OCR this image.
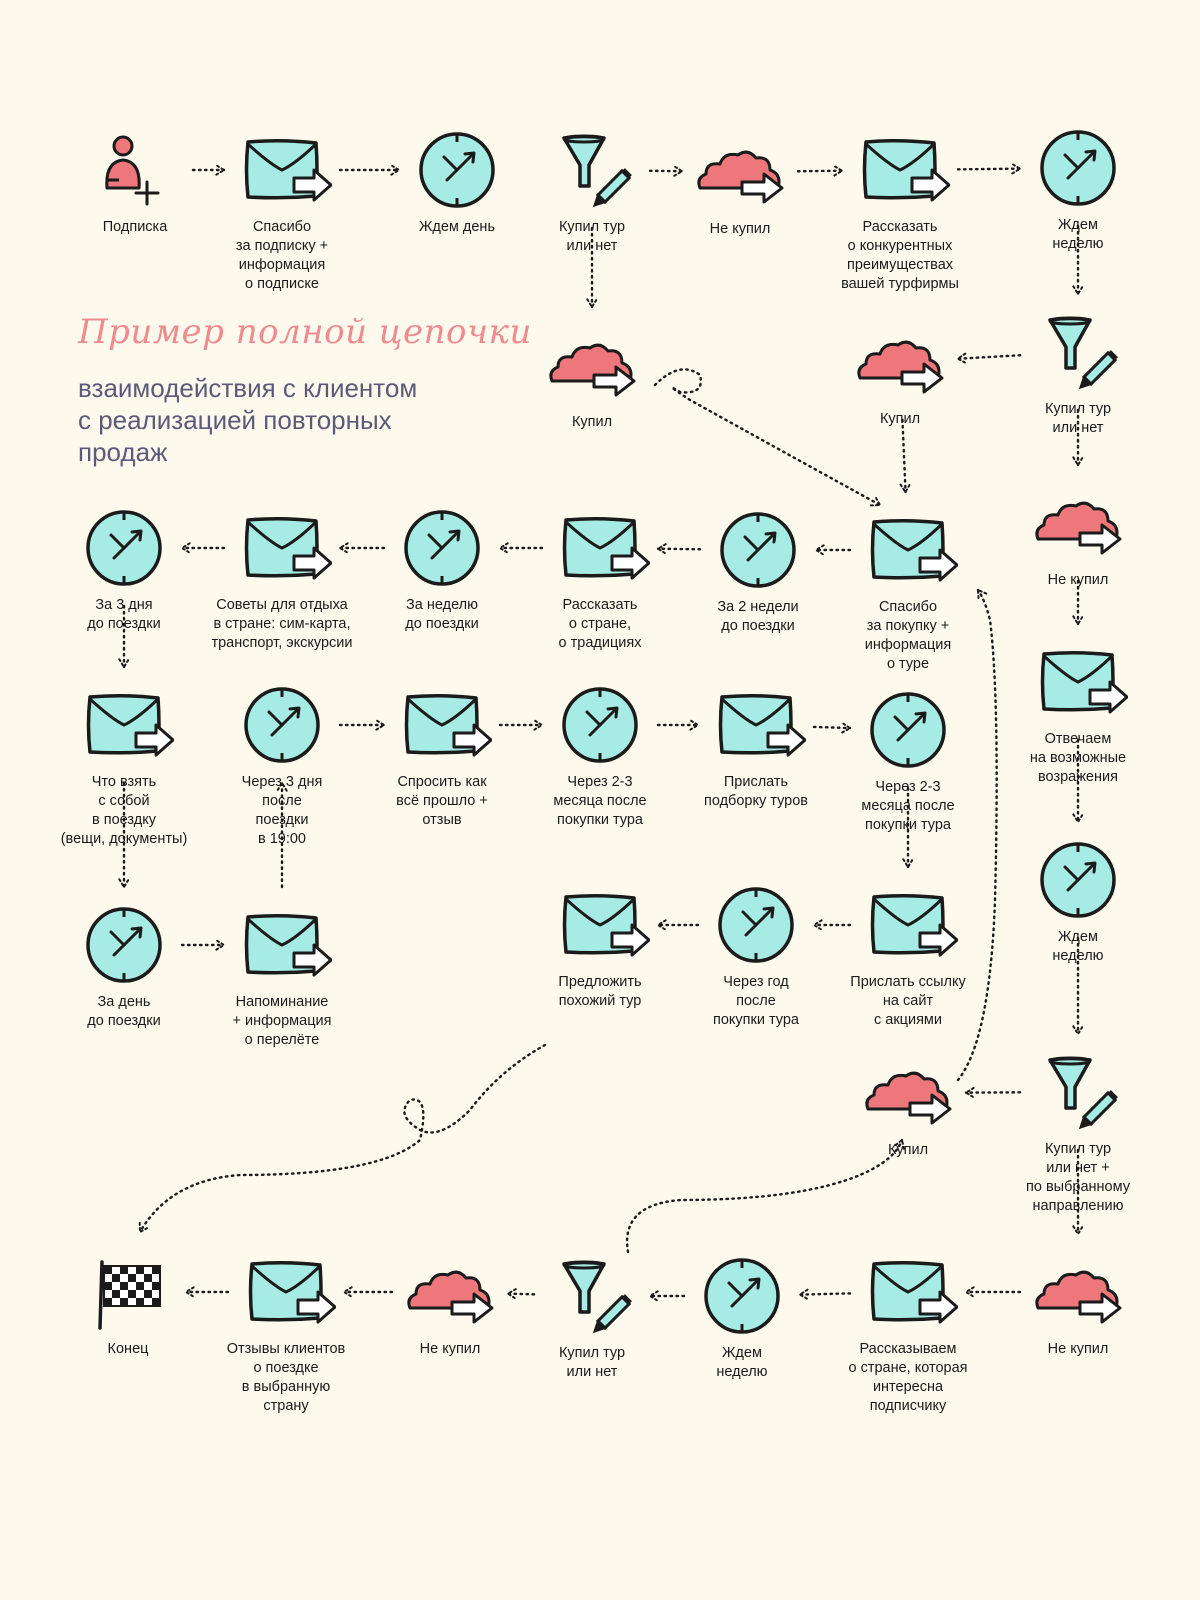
Пример полной цепочки
взаимодействия с клиентом
с реализацией повторных
продаж
Подписка	Спасибо
за подписку +
информация
о подписке
Ждем день	Купил тур
или нет
Не купил	Рассказать
о конкурентных
преимуществах
вашей турфирмы
Ждем
неделю
Купил	Купил
Купил тур
или нет
За 3 дня
до поездки
Советы для отдыха
в стране: сим-карта,
транспорт, экскурсии
За неделю
до поездки
Рассказать
о стране,
о традициях
За 2 недели
до поездки
Спасибо
за покупку +
информация
о туре
Не купил
Что взять
с собой
в поездку
(вещи, документы)
Через 3 дня
после
поездки
в 19:00
Спросить как
всё прошло +
отзыв
Через 2-3
месяца после
покупки тура
Прислать
подборку туров
Через 2-3
месяца после
покупки тура
Отвечаем
на возможные
возражения
За день
до поездки
Напоминание
+ информация
о перелёте
Предложить
похожий тур
Через год
после
покупки тура
Прислать ссылку
на сайт
с акциями
Ждем
неделю
Купил	Купил тур
или нет +
по выбранному
направлению
Конец	Отзывы клиентов
о поездке
в выбранную
страну
Не купил	Купил тур
или нет
Ждем
неделю
Рассказываем
о стране, которая
интересна
подписчику
Не купил
